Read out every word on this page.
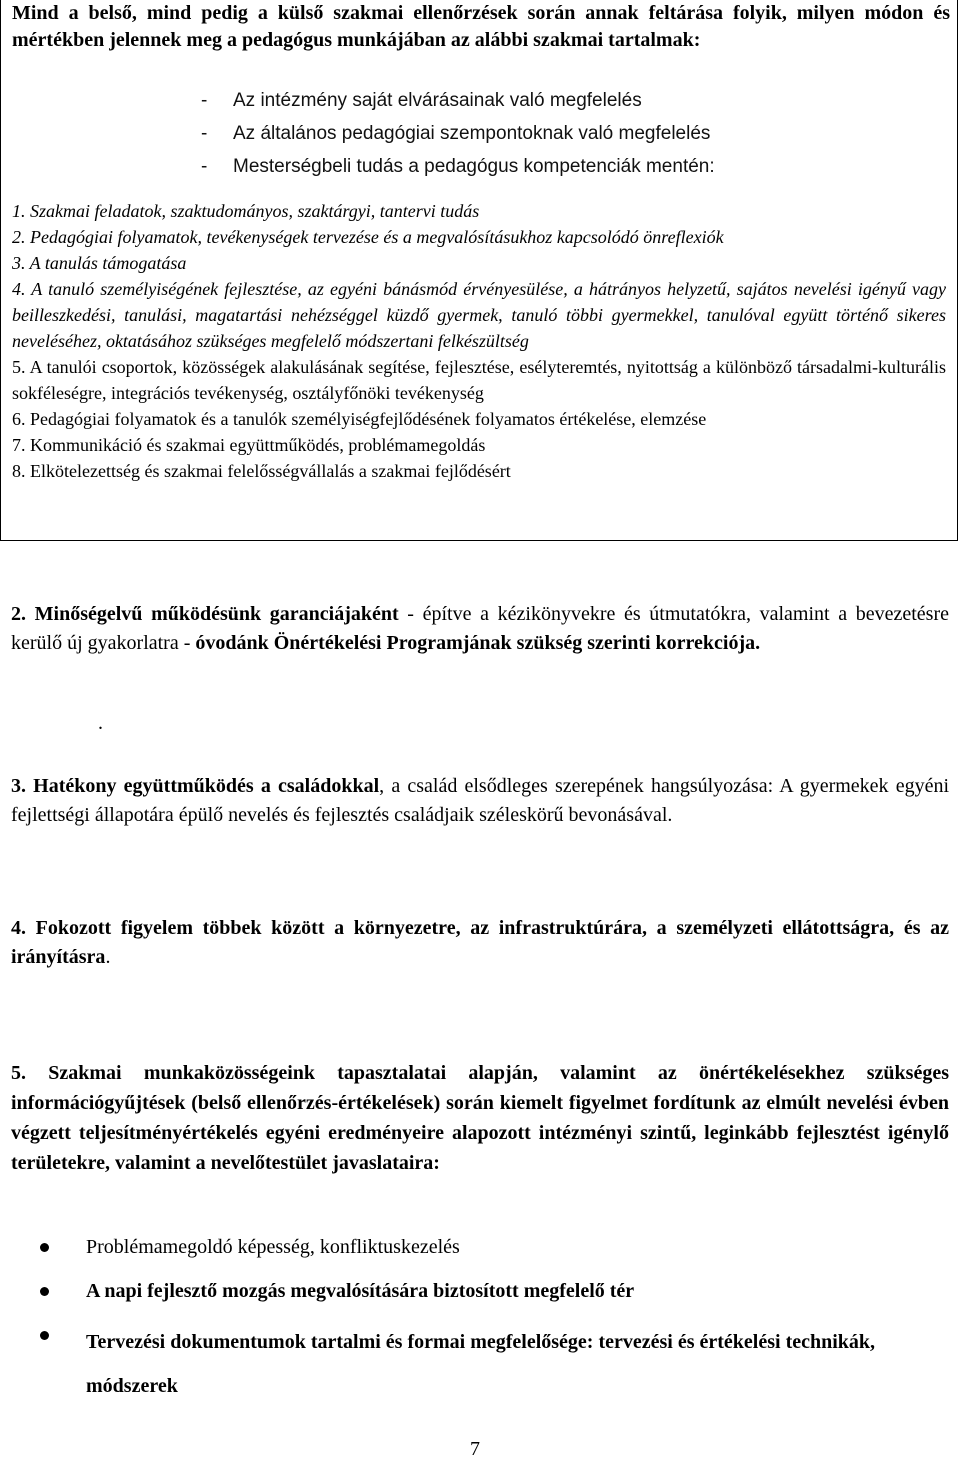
Mind a belső, mind pedig a külső szakmai ellenőrzések során annak feltárása folyik, milyen módon és mértékben jelennek meg a pedagógus munkájában az alábbi szakmai tartalmak:

-	Az intézmény saját elvárásainak való megfelelés
-	Az általános pedagógiai szempontoknak való megfelelés
-	Mesterségbeli tudás a pedagógus kompetenciák mentén:

1. Szakmai feladatok, szaktudományos, szaktárgyi, tantervi tudás

2. Pedagógiai folyamatok, tevékenységek tervezése és a megvalósításukhoz kapcsolódó önreflexiók

3. A tanulás támogatása

4. A tanuló személyiségének fejlesztése, az egyéni bánásmód érvényesülése, a hátrányos helyzetű, sajátos nevelési igényű vagy beilleszkedési, tanulási, magatartási nehézséggel küzdő gyermek, tanuló többi gyermekkel, tanulóval együtt történő sikeres neveléséhez, oktatásához szükséges megfelelő módszertani felkészültség

5. A tanulói csoportok, közösségek alakulásának segítése, fejlesztése, esélyteremtés, nyitottság a különböző társadalmi-kulturális sokféleségre, integrációs tevékenység, osztályfőnöki tevékenység

6. Pedagógiai folyamatok és a tanulók személyiségfejlődésének folyamatos értékelése, elemzése

7. Kommunikáció és szakmai együttműködés, problémamegoldás

8. Elkötelezettség és szakmai felelősségvállalás a szakmai fejlődésért

2. Minőségelvű működésünk garanciájaként - építve a kézikönyvekre és útmutatókra, valamint a bevezetésre kerülő új gyakorlatra - óvodánk Önértékelési Programjának szükség szerinti korrekciója.

.

3. Hatékony együttműködés a családokkal, a család elsődleges szerepének hangsúlyozása: A gyermekek egyéni fejlettségi állapotára épülő nevelés és fejlesztés családjaik széleskörű bevonásával.

4. Fokozott figyelem többek között a környezetre, az infrastruktúrára, a személyzeti ellátottságra, és az irányításra.

5. Szakmai munkaközösségeink tapasztalatai alapján, valamint az önértékelésekhez szükséges információgyűjtések (belső ellenőrzés-értékelések) során kiemelt figyelmet fordítunk az elmúlt nevelési évben végzett teljesítményértékelés egyéni eredményeire alapozott intézményi szintű, leginkább fejlesztést igénylő területekre, valamint a nevelőtestület javaslataira:

Problémamegoldó képesség, konfliktuskezelés
A napi fejlesztő mozgás megvalósítására biztosított megfelelő tér
Tervezési dokumentumok tartalmi és formai megfelelősége: tervezési és értékelési technikák, módszerek
7
